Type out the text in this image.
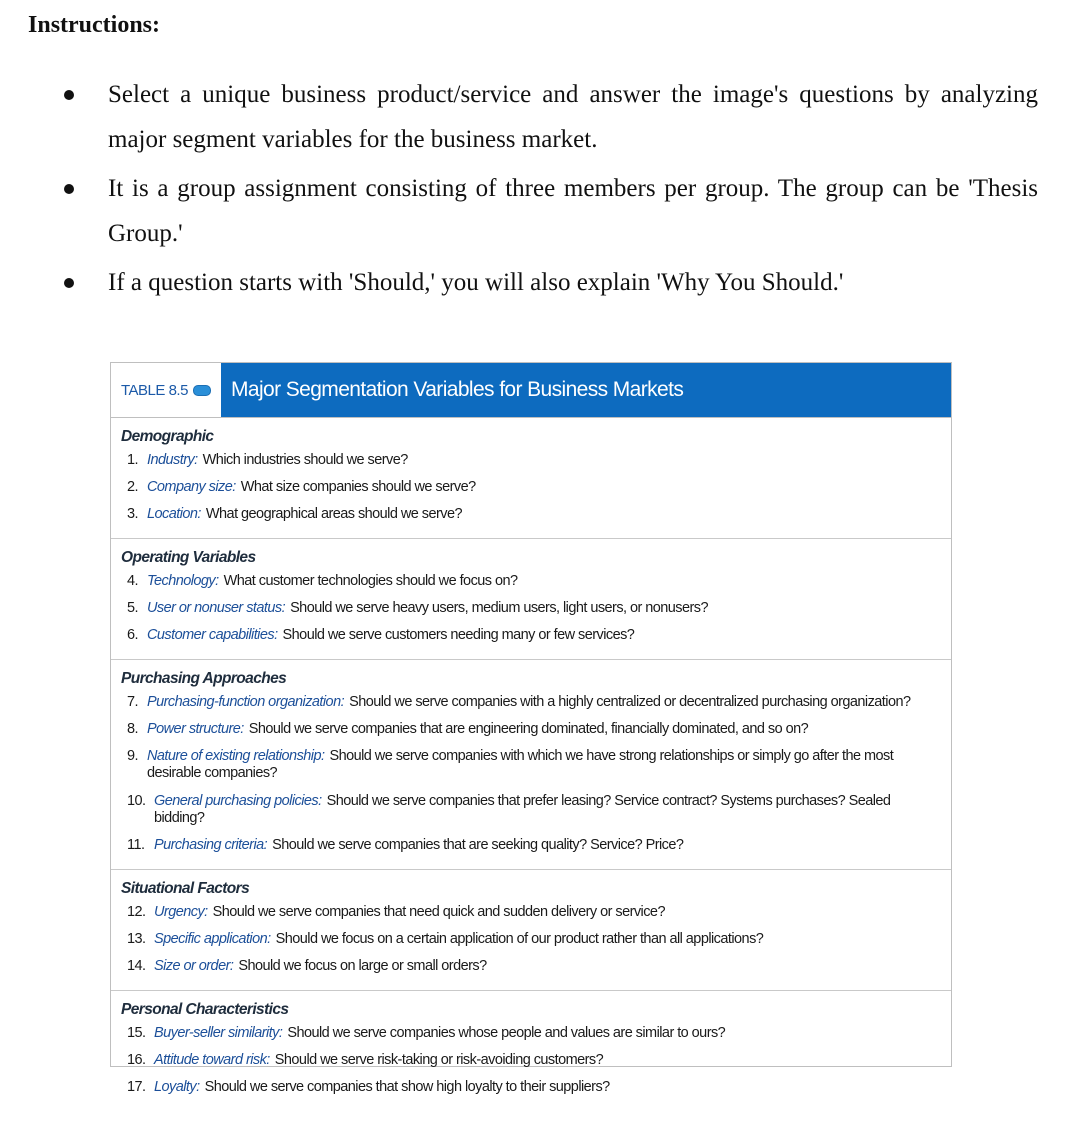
Instructions:
Select a unique business product/service and answer the image's questions by analyzing major segment variables for the business market.
It is a group assignment consisting of three members per group. The group can be 'Thesis Group.'
If a question starts with 'Should,' you will also explain 'Why You Should.'
TABLE 8.5	Major Segmentation Variables for Business Markets
Demographic
1. Industry: Which industries should we serve?
2. Company size: What size companies should we serve?
3. Location: What geographical areas should we serve?
Operating Variables
4. Technology: What customer technologies should we focus on?
5. User or nonuser status: Should we serve heavy users, medium users, light users, or nonusers?
6. Customer capabilities: Should we serve customers needing many or few services?
Purchasing Approaches
7. Purchasing-function organization: Should we serve companies with a highly centralized or decentralized purchasing organization?
8. Power structure: Should we serve companies that are engineering dominated, financially dominated, and so on?
9. Nature of existing relationship: Should we serve companies with which we have strong relationships or simply go after the most desirable companies?
10. General purchasing policies: Should we serve companies that prefer leasing? Service contract? Systems purchases? Sealed bidding?
11. Purchasing criteria: Should we serve companies that are seeking quality? Service? Price?
Situational Factors
12. Urgency: Should we serve companies that need quick and sudden delivery or service?
13. Specific application: Should we focus on a certain application of our product rather than all applications?
14. Size or order: Should we focus on large or small orders?
Personal Characteristics
15. Buyer-seller similarity: Should we serve companies whose people and values are similar to ours?
16. Attitude toward risk: Should we serve risk-taking or risk-avoiding customers?
17. Loyalty: Should we serve companies that show high loyalty to their suppliers?
